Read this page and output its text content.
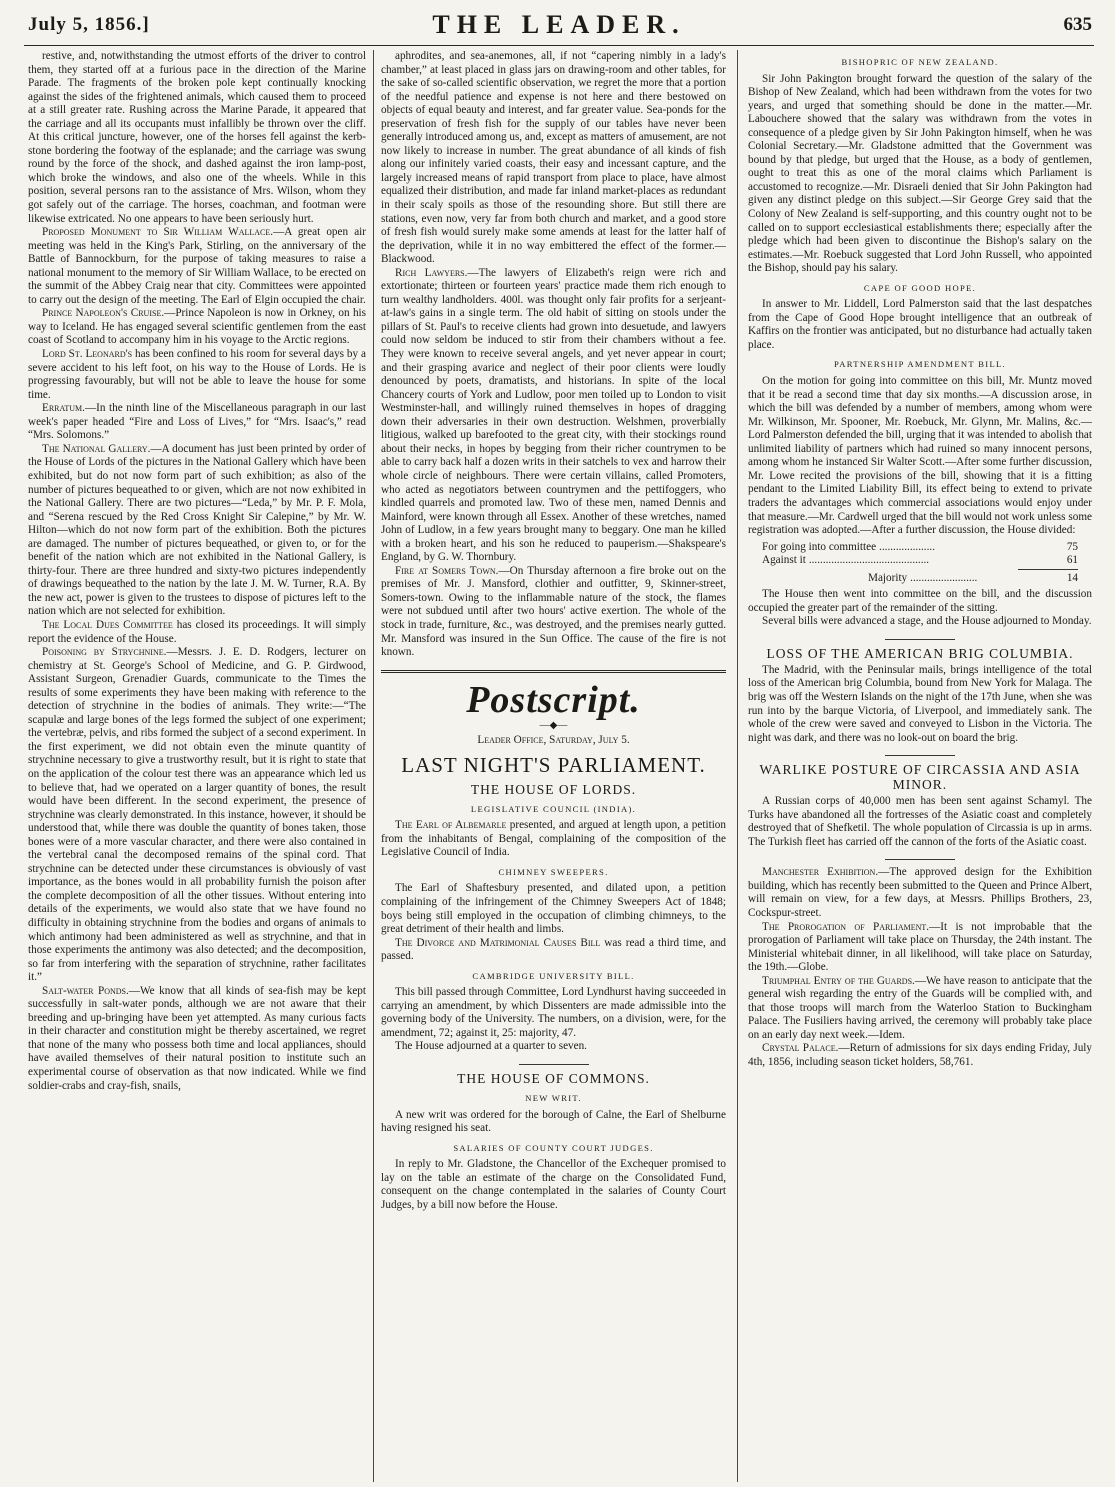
July 5, 1856.]	THE LEADER.	635

restive, and, notwithstanding the utmost efforts of the driver to control them, they started off at a furious pace in the direction of the Marine Parade. The fragments of the broken pole kept continually knocking against the sides of the frightened animals, which caused them to proceed at a still greater rate. Rushing across the Marine Parade, it appeared that the carriage and all its occupants must infallibly be thrown over the cliff. At this critical juncture, however, one of the horses fell against the kerb-stone bordering the footway of the esplanade; and the carriage was swung round by the force of the shock, and dashed against the iron lamp-post, which broke the windows, and also one of the wheels. While in this position, several persons ran to the assistance of Mrs. Wilson, whom they got safely out of the carriage. The horses, coachman, and footman were likewise extricated. No one appears to have been seriously hurt.

Proposed Monument to Sir William Wallace.—A great open air meeting was held in the King's Park, Stirling, on the anniversary of the Battle of Bannockburn, for the purpose of taking measures to raise a national monument to the memory of Sir William Wallace, to be erected on the summit of the Abbey Craig near that city. Committees were appointed to carry out the design of the meeting. The Earl of Elgin occupied the chair.

Prince Napoleon's Cruise.—Prince Napoleon is now in Orkney, on his way to Iceland. He has engaged several scientific gentlemen from the east coast of Scotland to accompany him in his voyage to the Arctic regions.

Lord St. Leonard's has been confined to his room for several days by a severe accident to his left foot, on his way to the House of Lords. He is progressing favourably, but will not be able to leave the house for some time.

Erratum.—In the ninth line of the Miscellaneous paragraph in our last week's paper headed “Fire and Loss of Lives,” for “Mrs. Isaac's,” read “Mrs. Solomons.”

The National Gallery.—A document has just been printed by order of the House of Lords of the pictures in the National Gallery which have been exhibited, but do not now form part of such exhibition; as also of the number of pictures bequeathed to or given, which are not now exhibited in the National Gallery. There are two pictures—“Leda,” by Mr. P. F. Mola, and “Serena rescued by the Red Cross Knight Sir Calepine,” by Mr. W. Hilton—which do not now form part of the exhibition. Both the pictures are damaged. The number of pictures bequeathed, or given to, or for the benefit of the nation which are not exhibited in the National Gallery, is thirty-four. There are three hundred and sixty-two pictures independently of drawings bequeathed to the nation by the late J. M. W. Turner, R.A. By the new act, power is given to the trustees to dispose of pictures left to the nation which are not selected for exhibition.

The Local Dues Committee has closed its proceedings. It will simply report the evidence of the House.

Poisoning by Strychnine.—Messrs. J. E. D. Rodgers, lecturer on chemistry at St. George's School of Medicine, and G. P. Girdwood, Assistant Surgeon, Grenadier Guards, communicate to the Times the results of some experiments they have been making with reference to the detection of strychnine in the bodies of animals. They write:—“The scapulæ and large bones of the legs formed the subject of one experiment; the vertebræ, pelvis, and ribs formed the subject of a second experiment. In the first experiment, we did not obtain even the minute quantity of strychnine necessary to give a trustworthy result, but it is right to state that on the application of the colour test there was an appearance which led us to believe that, had we operated on a larger quantity of bones, the result would have been different. In the second experiment, the presence of strychnine was clearly demonstrated. In this instance, however, it should be understood that, while there was double the quantity of bones taken, those bones were of a more vascular character, and there were also contained in the vertebral canal the decomposed remains of the spinal cord. That strychnine can be detected under these circumstances is obviously of vast importance, as the bones would in all probability furnish the poison after the complete decomposition of all the other tissues. Without entering into details of the experiments, we would also state that we have found no difficulty in obtaining strychnine from the bodies and organs of animals to which antimony had been administered as well as strychnine, and that in those experiments the antimony was also detected; and the decomposition, so far from interfering with the separation of strychnine, rather facilitates it.”

Salt-water Ponds.—We know that all kinds of sea-fish may be kept successfully in salt-water ponds, although we are not aware that their breeding and up-bringing have been yet attempted. As many curious facts in their character and constitution might be thereby ascertained, we regret that none of the many who possess both time and local appliances, should have availed themselves of their natural position to institute such an experimental course of observation as that now indicated. While we find soldier-crabs and cray-fish, snails,

aphrodites, and sea-anemones, all, if not “capering nimbly in a lady's chamber,” at least placed in glass jars on drawing-room and other tables, for the sake of so-called scientific observation, we regret the more that a portion of the needful patience and expense is not here and there bestowed on objects of equal beauty and interest, and far greater value. Sea-ponds for the preservation of fresh fish for the supply of our tables have never been generally introduced among us, and, except as matters of amusement, are not now likely to increase in number. The great abundance of all kinds of fish along our infinitely varied coasts, their easy and incessant capture, and the largely increased means of rapid transport from place to place, have almost equalized their distribution, and made far inland market-places as redundant in their scaly spoils as those of the resounding shore. But still there are stations, even now, very far from both church and market, and a good store of fresh fish would surely make some amends at least for the latter half of the deprivation, while it in no way embittered the effect of the former.—Blackwood.

Rich Lawyers.—The lawyers of Elizabeth's reign were rich and extortionate; thirteen or fourteen years' practice made them rich enough to turn wealthy landholders. 400l. was thought only fair profits for a serjeant-at-law's gains in a single term. The old habit of sitting on stools under the pillars of St. Paul's to receive clients had grown into desuetude, and lawyers could now seldom be induced to stir from their chambers without a fee. They were known to receive several angels, and yet never appear in court; and their grasping avarice and neglect of their poor clients were loudly denounced by poets, dramatists, and historians. In spite of the local Chancery courts of York and Ludlow, poor men toiled up to London to visit Westminster-hall, and willingly ruined themselves in hopes of dragging down their adversaries in their own destruction. Welshmen, proverbially litigious, walked up barefooted to the great city, with their stockings round about their necks, in hopes by begging from their richer countrymen to be able to carry back half a dozen writs in their satchels to vex and harrow their whole circle of neighbours. There were certain villains, called Promoters, who acted as negotiators between countrymen and the pettifoggers, who kindled quarrels and promoted law. Two of these men, named Dennis and Mainford, were known through all Essex. Another of these wretches, named John of Ludlow, in a few years brought many to beggary. One man he killed with a broken heart, and his son he reduced to pauperism.—Shakspeare's England, by G. W. Thornbury.

Fire at Somers Town.—On Thursday afternoon a fire broke out on the premises of Mr. J. Mansford, clothier and outfitter, 9, Skinner-street, Somers-town. Owing to the inflammable nature of the stock, the flames were not subdued until after two hours' active exertion. The whole of the stock in trade, furniture, &c., was destroyed, and the premises nearly gutted. Mr. Mansford was insured in the Sun Office. The cause of the fire is not known.

Postscript.
—◆—
Leader Office, Saturday, July 5.
LAST NIGHT'S PARLIAMENT.
THE HOUSE OF LORDS.
LEGISLATIVE COUNCIL (INDIA).

The Earl of Albemarle presented, and argued at length upon, a petition from the inhabitants of Bengal, complaining of the composition of the Legislative Council of India.

CHIMNEY SWEEPERS.

The Earl of Shaftesbury presented, and dilated upon, a petition complaining of the infringement of the Chimney Sweepers Act of 1848; boys being still employed in the occupation of climbing chimneys, to the great detriment of their health and limbs.

The Divorce and Matrimonial Causes Bill was read a third time, and passed.

CAMBRIDGE UNIVERSITY BILL.

This bill passed through Committee, Lord Lyndhurst having succeeded in carrying an amendment, by which Dissenters are made admissible into the governing body of the University. The numbers, on a division, were, for the amendment, 72; against it, 25: majority, 47.

The House adjourned at a quarter to seven.

THE HOUSE OF COMMONS.
NEW WRIT.

A new writ was ordered for the borough of Calne, the Earl of Shelburne having resigned his seat.

SALARIES OF COUNTY COURT JUDGES.

In reply to Mr. Gladstone, the Chancellor of the Exchequer promised to lay on the table an estimate of the charge on the Consolidated Fund, consequent on the change contemplated in the salaries of County Court Judges, by a bill now before the House.

BISHOPRIC OF NEW ZEALAND.

Sir John Pakington brought forward the question of the salary of the Bishop of New Zealand, which had been withdrawn from the votes for two years, and urged that something should be done in the matter.—Mr. Labouchere showed that the salary was withdrawn from the votes in consequence of a pledge given by Sir John Pakington himself, when he was Colonial Secretary.—Mr. Gladstone admitted that the Government was bound by that pledge, but urged that the House, as a body of gentlemen, ought to treat this as one of the moral claims which Parliament is accustomed to recognize.—Mr. Disraeli denied that Sir John Pakington had given any distinct pledge on this subject.—Sir George Grey said that the Colony of New Zealand is self-supporting, and this country ought not to be called on to support ecclesiastical establishments there; especially after the pledge which had been given to discontinue the Bishop's salary on the estimates.—Mr. Roebuck suggested that Lord John Russell, who appointed the Bishop, should pay his salary.

CAPE OF GOOD HOPE.

In answer to Mr. Liddell, Lord Palmerston said that the last despatches from the Cape of Good Hope brought intelligence that an outbreak of Kaffirs on the frontier was anticipated, but no disturbance had actually taken place.

PARTNERSHIP AMENDMENT BILL.

On the motion for going into committee on this bill, Mr. Muntz moved that it be read a second time that day six months.—A discussion arose, in which the bill was defended by a number of members, among whom were Mr. Wilkinson, Mr. Spooner, Mr. Roebuck, Mr. Glynn, Mr. Malins, &c.—Lord Palmerston defended the bill, urging that it was intended to abolish that unlimited liability of partners which had ruined so many innocent persons, among whom he instanced Sir Walter Scott.—After some further discussion, Mr. Lowe recited the provisions of the bill, showing that it is a fitting pendant to the Limited Liability Bill, its effect being to extend to private traders the advantages which commercial associations would enjoy under that measure.—Mr. Cardwell urged that the bill would not work unless some registration was adopted.—After a further discussion, the House divided:

For going into committee ....................	75
Against it ...........................................	61
Majority ........................	14

The House then went into committee on the bill, and the discussion occupied the greater part of the remainder of the sitting.

Several bills were advanced a stage, and the House adjourned to Monday.

LOSS OF THE AMERICAN BRIG COLUMBIA.

The Madrid, with the Peninsular mails, brings intelligence of the total loss of the American brig Columbia, bound from New York for Malaga. The brig was off the Western Islands on the night of the 17th June, when she was run into by the barque Victoria, of Liverpool, and immediately sank. The whole of the crew were saved and conveyed to Lisbon in the Victoria. The night was dark, and there was no look-out on board the brig.

WARLIKE POSTURE OF CIRCASSIA AND ASIA MINOR.

A Russian corps of 40,000 men has been sent against Schamyl. The Turks have abandoned all the fortresses of the Asiatic coast and completely destroyed that of Shefketil. The whole population of Circassia is up in arms. The Turkish fleet has carried off the cannon of the forts of the Asiatic coast.

Manchester Exhibition.—The approved design for the Exhibition building, which has recently been submitted to the Queen and Prince Albert, will remain on view, for a few days, at Messrs. Phillips Brothers, 23, Cockspur-street.

The Prorogation of Parliament.—It is not improbable that the prorogation of Parliament will take place on Thursday, the 24th instant. The Ministerial whitebait dinner, in all likelihood, will take place on Saturday, the 19th.—Globe.

Triumphal Entry of the Guards.—We have reason to anticipate that the general wish regarding the entry of the Guards will be complied with, and that those troops will march from the Waterloo Station to Buckingham Palace. The Fusiliers having arrived, the ceremony will probably take place on an early day next week.—Idem.

Crystal Palace.—Return of admissions for six days ending Friday, July 4th, 1856, including season ticket holders, 58,761.
